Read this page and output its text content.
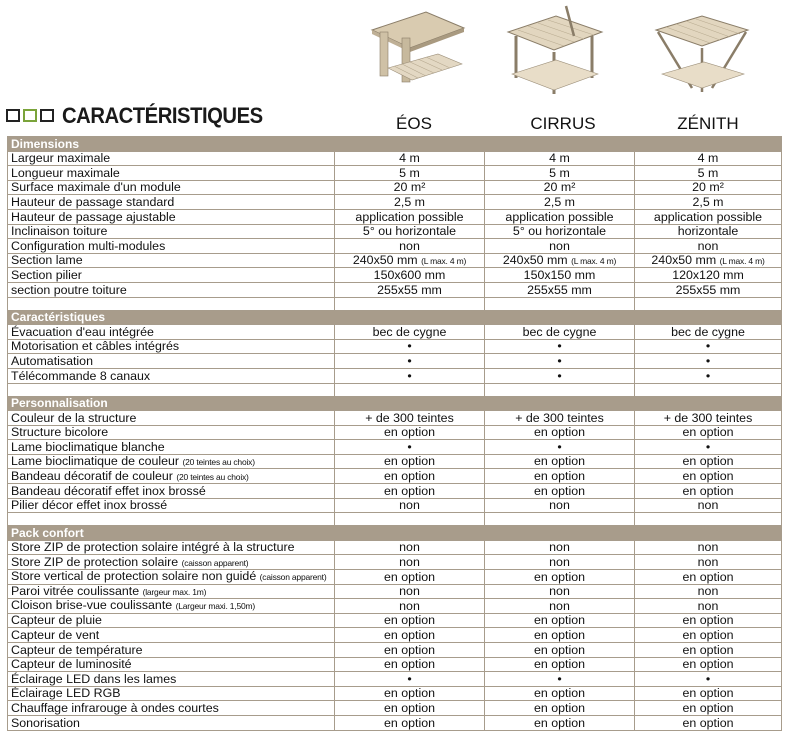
CARACTÉRISTIQUES	ÉOS	CIRRUS	ZÉNITH
Dimensions			
Largeur maximale	4 m	4 m	4 m
Longueur maximale	5 m	5 m	5 m
Surface maximale d'un module	20 m²	20 m²	20 m²
Hauteur de passage standard	2,5 m	2,5 m	2,5 m
Hauteur de passage ajustable	application possible	application possible	application possible
Inclinaison toiture	5° ou horizontale	5° ou horizontale	horizontale
Configuration multi-modules	non	non	non
Section lame	240x50 mm (L max. 4 m)	240x50 mm (L max. 4 m)	240x50 mm (L max. 4 m)
Section pilier	150x600 mm	150x150 mm	120x120 mm
section poutre toiture	255x55 mm	255x55 mm	255x55 mm

Caractéristiques			
Évacuation d'eau intégrée	bec de cygne	bec de cygne	bec de cygne
Motorisation et câbles intégrés	•	•	•
Automatisation	•	•	•
Télécommande 8 canaux	•	•	•

Personnalisation			
Couleur de la structure	+ de 300 teintes	+ de 300 teintes	+ de 300 teintes
Structure bicolore	en option	en option	en option
Lame bioclimatique blanche	•	•	•
Lame bioclimatique de couleur (20 teintes au choix)	en option	en option	en option
Bandeau décoratif de couleur (20 teintes au choix)	en option	en option	en option
Bandeau décoratif effet inox brossé	en option	en option	en option
Pilier décor effet inox brossé	non	non	non

Pack confort			
Store ZIP de protection solaire intégré à la structure	non	non	non
Store ZIP de protection solaire (caisson apparent)	non	non	non
Store vertical de protection solaire non guidé (caisson apparent)	en option	en option	en option
Paroi vitrée coulissante (largeur max. 1m)	non	non	non
Cloison brise-vue coulissante (Largeur maxi. 1,50m)	non	non	non
Capteur de pluie	en option	en option	en option
Capteur de vent	en option	en option	en option
Capteur de température	en option	en option	en option
Capteur de luminosité	en option	en option	en option
Éclairage LED dans les lames	•	•	•
Éclairage LED RGB	en option	en option	en option
Chauffage infrarouge à ondes courtes	en option	en option	en option
Sonorisation	en option	en option	en option
